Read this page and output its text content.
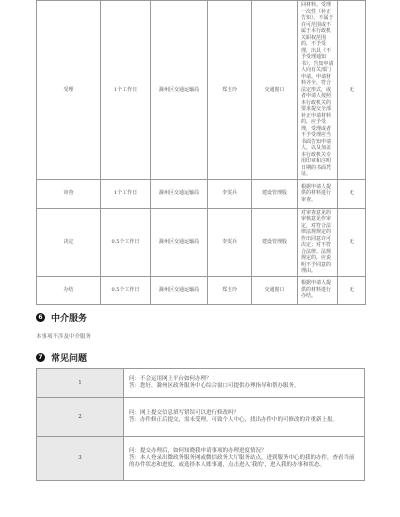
受理	1个工作日	滁州区交通运输局	郑玉玲	交通窗口	回材料。受理一次性（补正告知）。不属于许可范围或不属于本行政机关职权范围的，不予受理，出具《不予受理通知书》，告知申请人向有关部门申请。申请材料齐全、符合法定形式，或者申请人按照本行政机关的要求提交全部补正申请材料的，应予受理，受理或者不予受理应当书面告知申请人，以及加盖本行政机关专用印章和注明日期的书面凭证。	无
审查	1个工作日	滁州区交通运输局	李雯兵	建设管理股	根据申请人提供的材料进行审查。	无
决定	0.5个工作日	滁州区交通运输局	李雯兵	建设管理股	对审查意见的审核意见作审定，对符合法律法规规定的作出同意许可决定；对不符合法律、法规规定的，应说明不予同意的理由。	无
办结	0.5个工作日	滁州区交通运输局	郑玉玲	交通窗口	根据申请人提供的材料进行办结。	无
6 中介服务
本事项不涉及中介服务
7 常见问题
1	问：不会运用网上平台如何办理？
答：您好，滁州区政务服务中心综合窗口可提供办理指导和帮办服务。

2	问：网上提交信息填写错误可以进行修改吗？
答：办件修正后提交，需未受理。可致个人中心，找出办件中的可修改的并重新上报。

3	问：提交办理后，如何知晓我申请事项的办理进度情况？
答：本人登录出微政务服务网或微信政务大厅服务站点，进到服务中心的我的办件，查看当前的办件状态和进度，或选择本人账事通，点击进入‘我的’，进入我的办事和状态。
